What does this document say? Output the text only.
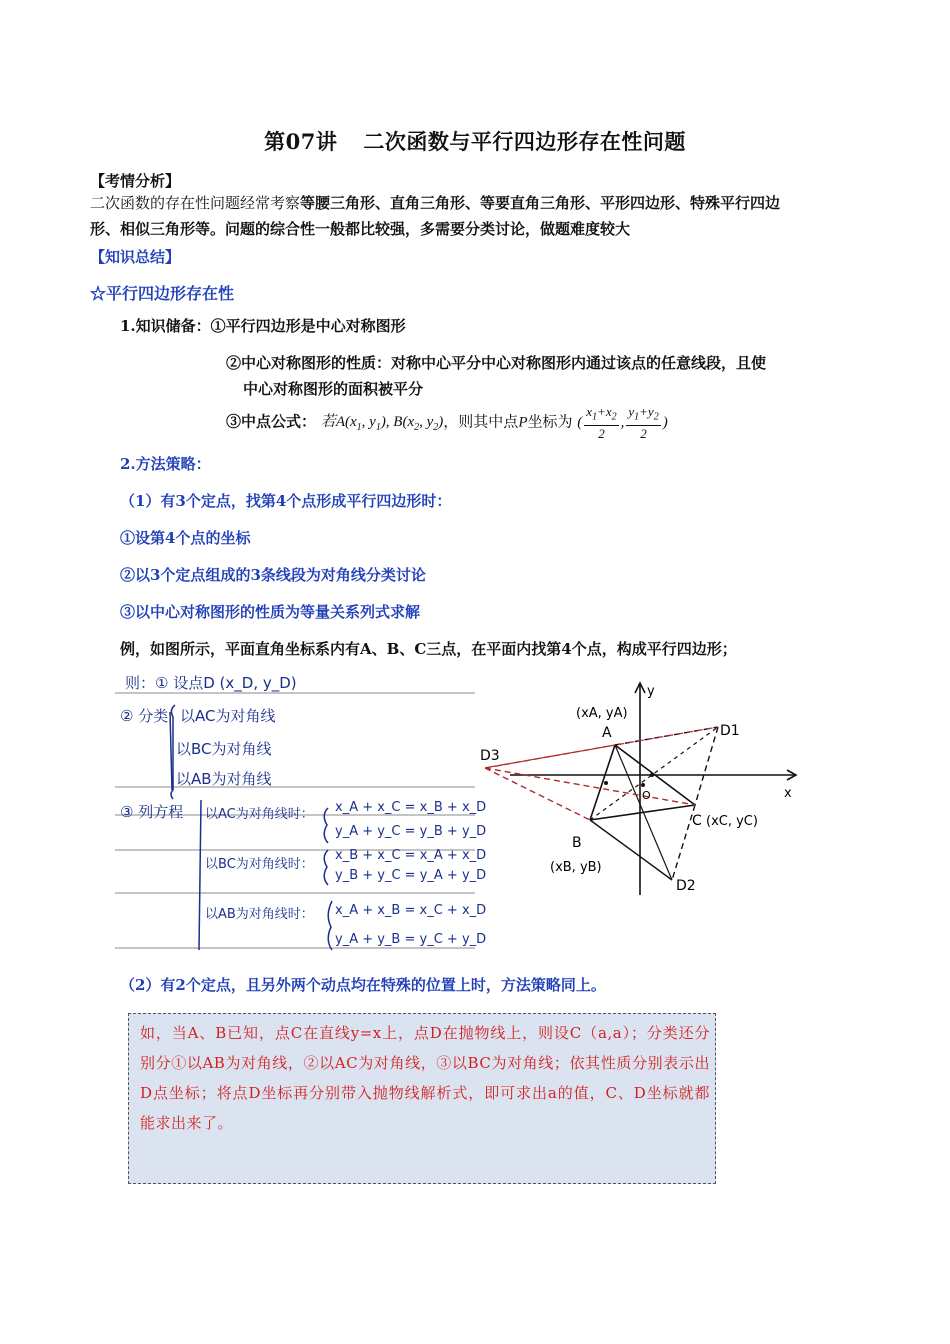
第07讲 二次函数与平行四边形存在性问题
【考情分析】
二次函数的存在性问题经常考察等腰三角形、直角三角形、等要直角三角形、平形四边形、特殊平行四边
形、相似三角形等。问题的综合性一般都比较强，多需要分类讨论，做题难度较大
【知识总结】
☆平行四边形存在性
1.知识储备：①平行四边形是中心对称图形
②中心对称图形的性质：对称中心平分中心对称图形内通过该点的任意线段，且使
中心对称图形的面积被平分
③中点公式： 若$A(x_1$, $y_1$), $B(x_2$, $y_2$)，则其中点P坐标为 ( $\frac{x_1+x_2}{2}$ , $\frac{y_1+y_2}{2}$ )
2.方法策略：
（1）有3个定点，找第4个点形成平行四边形时：
①设第4个点的坐标
②以3个定点组成的3条线段为对角线分类讨论
③以中心对称图形的性质为等量关系列式求解
例，如图所示，平面直角坐标系内有A、B、C三点，在平面内找第4个点，构成平行四边形；
则：① 设点D (x_D, y_D)
② 分类 以AC为对角线
以BC为对角线
以AB为对角线
③ 列方程 以AC为对角线时： x_A + x_C = x_B + x_D
y_A + y_C = y_B + y_D
以BC为对角线时：
x_B + x_C = x_A + x_D
y_B + y_C = y_A + y_D
以AB为对角线时： x_A + x_B = x_C + x_D
y_A + y_B = y_C + y_D
A
(xA, yA)
B
(xB, yB)
C (xC, yC)
D1
D2
D3
x
y
O
（2）有2个定点，且另外两个动点均在特殊的位置上时，方法策略同上。
如，当A、B已知，点C在直线y=x上，点D在抛物线上，则设C（a,a）；分类还分别分①以AB为对角线，②以AC为对角线，③以BC为对角线；依其性质分别表示出D点坐标；将点D坐标再分别带入抛物线解析式，即可求出a的值，C、D坐标就都能求出来了。
